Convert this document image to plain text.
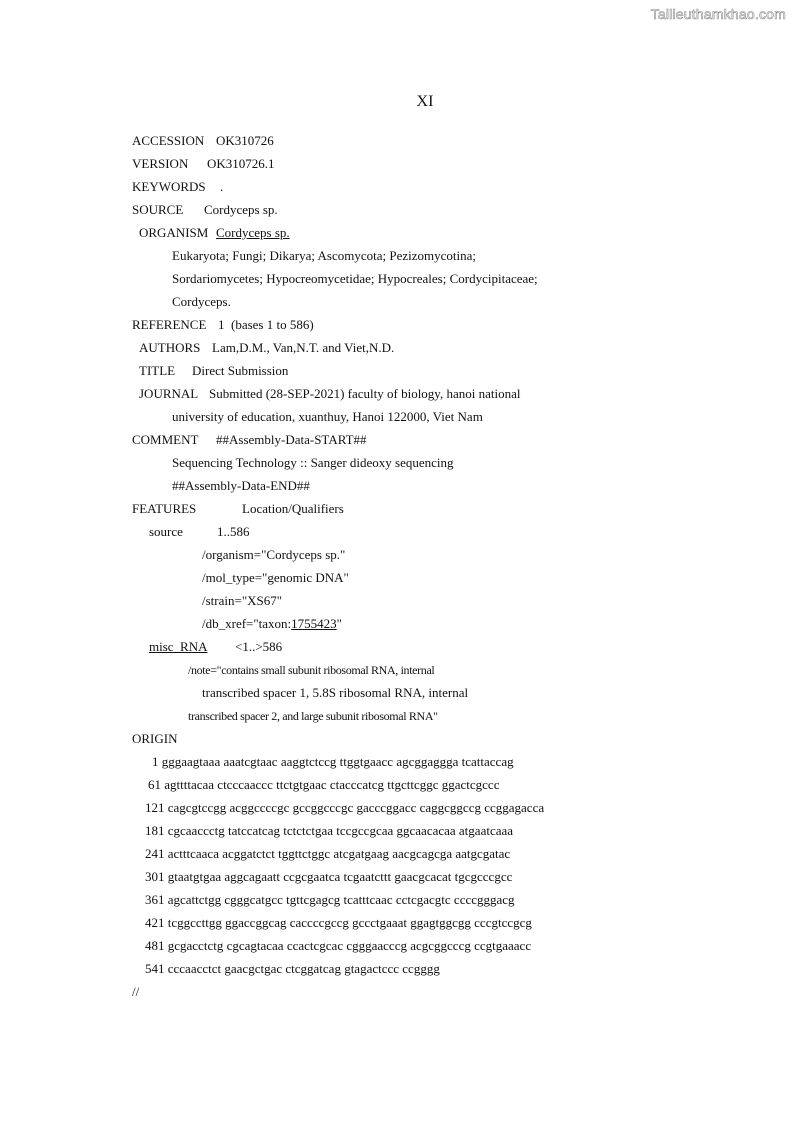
Tailieuthamkhao.com
XI
ACCESSION OK310726
VERSION OK310726.1
KEYWORDS .
SOURCE Cordyceps sp.
ORGANISM Cordyceps sp.
Eukaryota; Fungi; Dikarya; Ascomycota; Pezizomycotina;
Sordariomycetes; Hypocreomycetidae; Hypocreales; Cordycipitaceae;
Cordyceps.
REFERENCE 1  (bases 1 to 586)
AUTHORS Lam,D.M., Van,N.T. and Viet,N.D.
TITLE Direct Submission
JOURNAL Submitted (28-SEP-2021) faculty of biology, hanoi national
university of education, xuanthuy, Hanoi 122000, Viet Nam
COMMENT ##Assembly-Data-START##
Sequencing Technology :: Sanger dideoxy sequencing
##Assembly-Data-END##
FEATURES	Location/Qualifiers
source	1..586
/organism="Cordyceps sp."
/mol_type="genomic DNA"
/strain="XS67"
/db_xref="taxon:1755423"
misc_RNA <1..>586
/note="contains small subunit ribosomal RNA, internal
transcribed spacer 1, 5.8S ribosomal RNA, internal
transcribed spacer 2, and large subunit ribosomal RNA"
ORIGIN
1 gggaagtaaa aaatcgtaac aaggtctccg ttggtgaacc agcggaggga tcattaccag
61 agttttacaa ctcccaaccc ttctgtgaac ctacccatcg ttgcttcggc ggactcgccc
121 cagcgtccgg acggccccgc gccggcccgc gacccggacc caggcggccg ccggagacca
181 cgcaaccctg tatccatcag tctctctgaa tccgccgcaa ggcaacacaa atgaatcaaa
241 actttcaaca acggatctct tggttctggc atcgatgaag aacgcagcga aatgcgatac
301 gtaatgtgaa aggcagaatt ccgcgaatca tcgaatcttt gaacgcacat tgcgcccgcc
361 agcattctgg cgggcatgcc tgttcgagcg tcatttcaac cctcgacgtc ccccgggacg
421 tcggccttgg ggaccggcag caccccgccg gccctgaaat ggagtggcgg cccgtccgcg
481 gcgacctctg cgcagtacaa ccactcgcac cgggaacccg acgcggcccg ccgtgaaacc
541 cccaacctct gaacgctgac ctcggatcag gtagactccc ccgggg
//
